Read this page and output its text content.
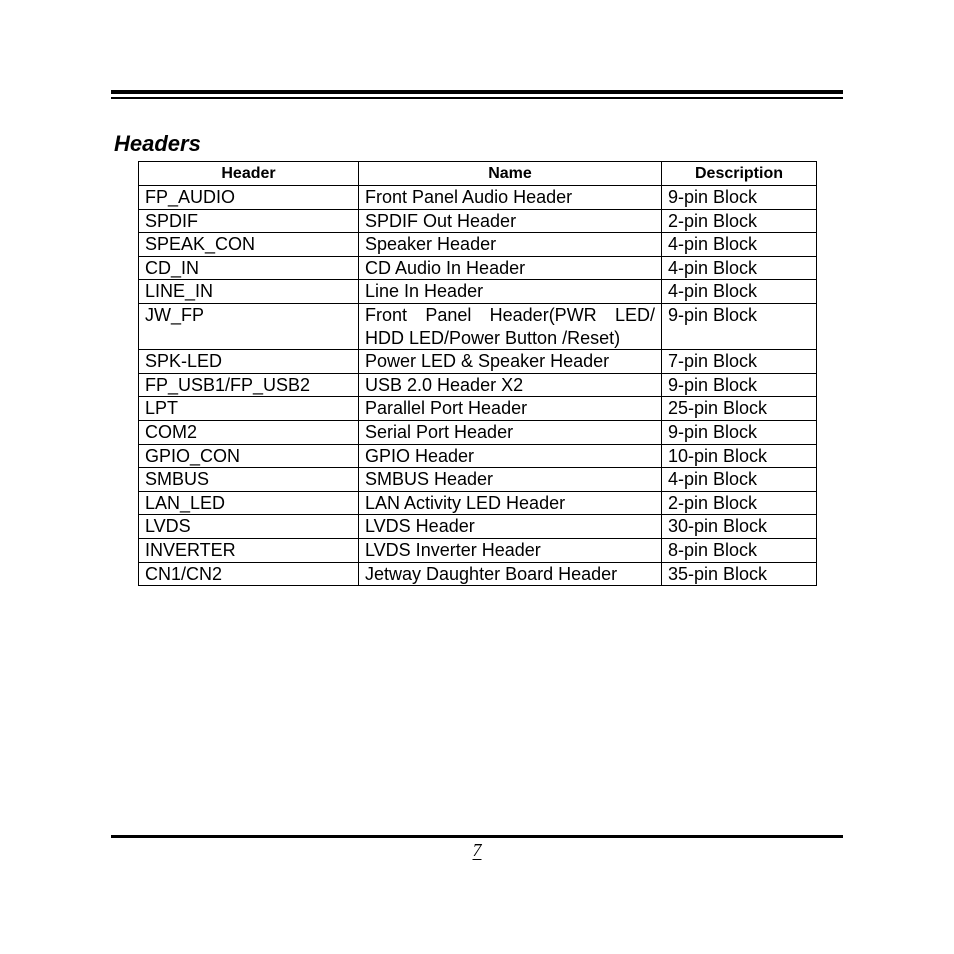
Headers
Header	Name	Description
FP_AUDIO	Front Panel Audio Header	9-pin Block
SPDIF	SPDIF Out Header	2-pin Block
SPEAK_CON	Speaker Header	4-pin Block
CD_IN	CD Audio In Header	4-pin Block
LINE_IN	Line In Header	4-pin Block
JW_FP	Front Panel Header(PWR LED/ HDD LED/Power Button /Reset)	9-pin Block
SPK-LED	Power LED & Speaker Header	7-pin Block
FP_USB1/FP_USB2	USB 2.0 Header X2	9-pin Block
LPT	Parallel Port Header	25-pin Block
COM2	Serial Port Header	9-pin Block
GPIO_CON	GPIO Header	10-pin Block
SMBUS	SMBUS Header	4-pin Block
LAN_LED	LAN Activity LED Header	2-pin Block
LVDS	LVDS Header	30-pin Block
INVERTER	LVDS Inverter Header	8-pin Block
CN1/CN2	Jetway Daughter Board Header	35-pin Block
7
